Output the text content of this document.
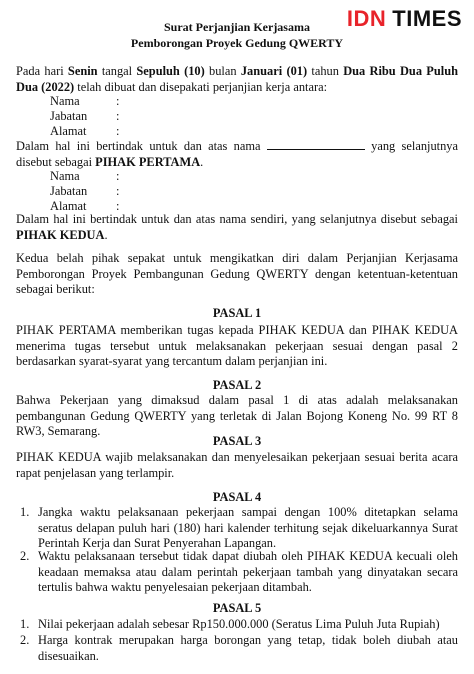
IDN TIMES
Surat Perjanjian Kerjasama
Pemborongan Proyek Gedung QWERTY
Pada hari Senin tangal Sepuluh (10) bulan Januari (01) tahun Dua Ribu Dua Puluh Dua (2022) telah dibuat dan disepakati perjanjian kerja antara:
Nama	:
Jabatan :
Alamat :
Dalam hal ini bertindak untuk dan atas nama	yang selanjutnya disebut sebagai PIHAK PERTAMA.
Nama	:
Jabatan :
Alamat :
Dalam hal ini bertindak untuk dan atas nama sendiri, yang selanjutnya disebut sebagai PIHAK KEDUA.
Kedua belah pihak sepakat untuk mengikatkan diri dalam Perjanjian Kerjasama Pemborongan Proyek Pembangunan Gedung QWERTY dengan ketentuan-ketentuan sebagai berikut:
PASAL 1
PIHAK PERTAMA memberikan tugas kepada PIHAK KEDUA dan PIHAK KEDUA menerima tugas tersebut untuk melaksanakan pekerjaan sesuai dengan pasal 2 berdasarkan syarat-syarat yang tercantum dalam perjanjian ini.
PASAL 2
Bahwa Pekerjaan yang dimaksud dalam pasal 1 di atas adalah melaksanakan pembangunan Gedung QWERTY yang terletak di Jalan Bojong Koneng No. 99 RT 8 RW3, Semarang.
PASAL 3
PIHAK KEDUA wajib melaksanakan dan menyelesaikan pekerjaan sesuai berita acara rapat penjelasan yang terlampir.
PASAL 4
1. Jangka waktu pelaksanaan pekerjaan sampai dengan 100% ditetapkan selama seratus delapan puluh hari (180) hari kalender terhitung sejak dikeluarkannya Surat Perintah Kerja dan Surat Penyerahan Lapangan.
2. Waktu pelaksanaan tersebut tidak dapat diubah oleh PIHAK KEDUA kecuali oleh keadaan memaksa atau dalam perintah pekerjaan tambah yang dinyatakan secara tertulis bahwa waktu penyelesaian pekerjaan ditambah.
PASAL 5
1. Nilai pekerjaan adalah sebesar Rp150.000.000 (Seratus Lima Puluh Juta Rupiah)
2. Harga kontrak merupakan harga borongan yang tetap, tidak boleh diubah atau disesuaikan.
